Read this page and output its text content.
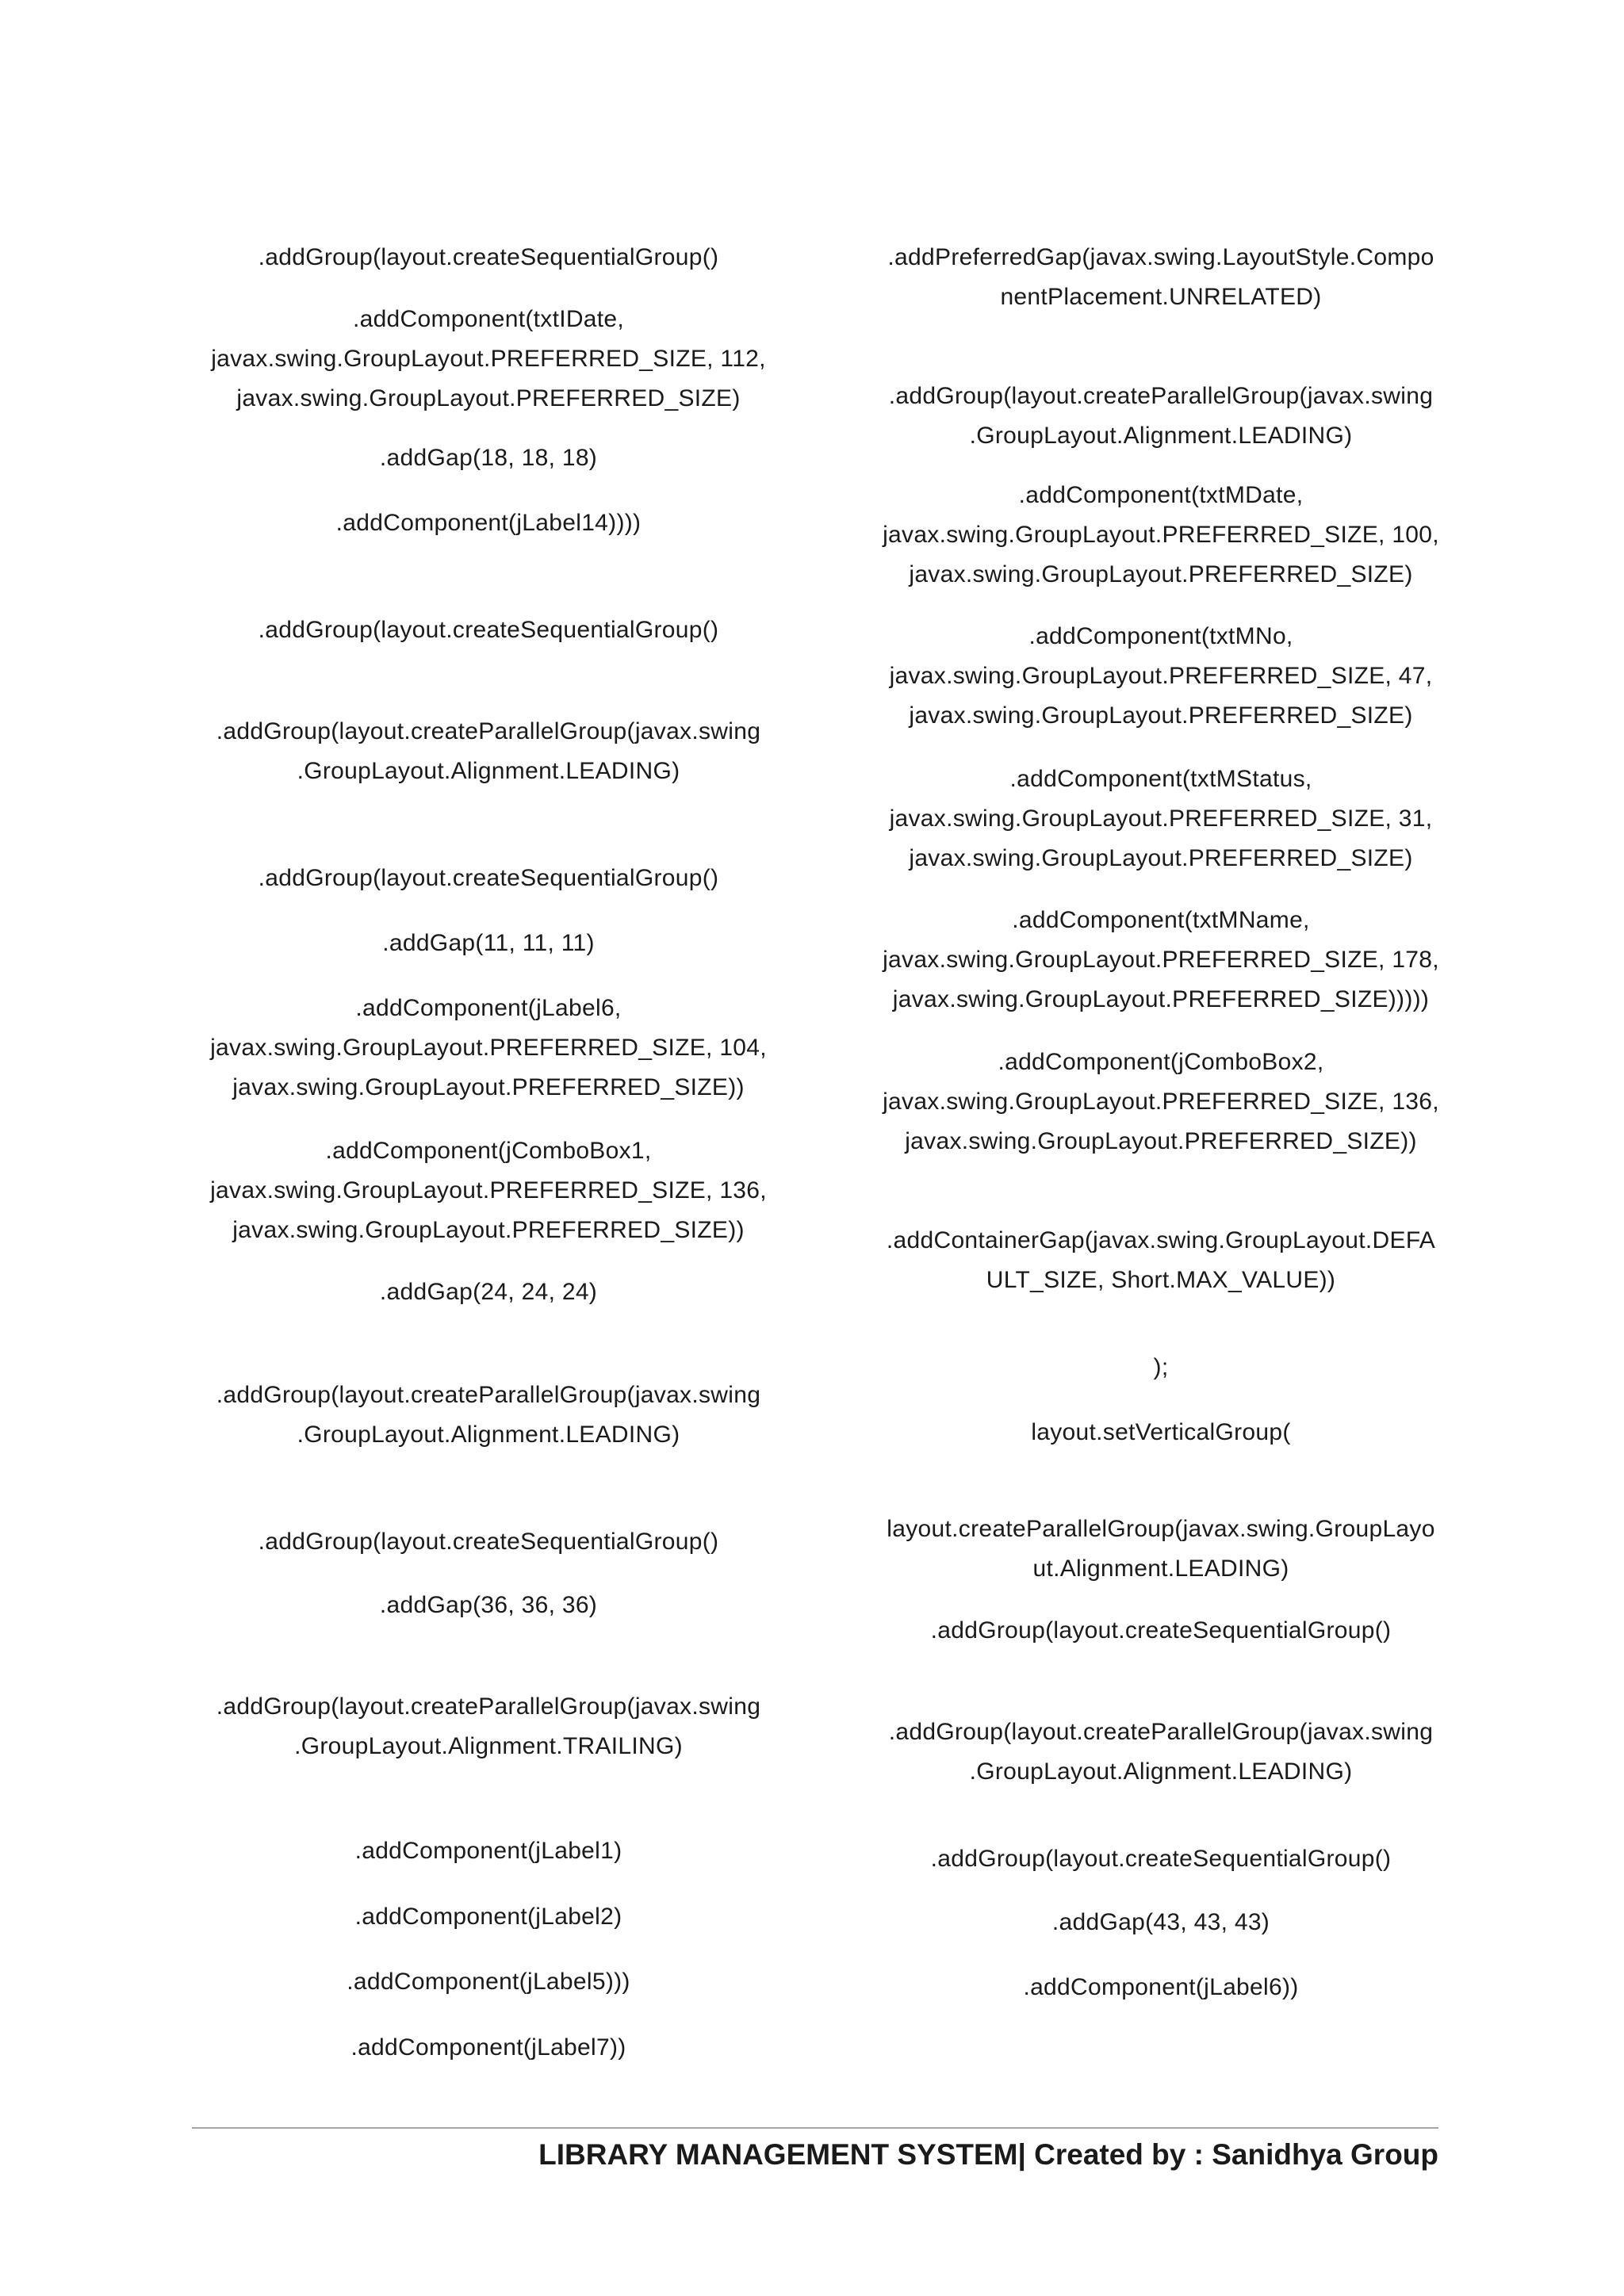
.addGroup(layout.createSequentialGroup()
.addComponent(txtIDate,
javax.swing.GroupLayout.PREFERRED_SIZE, 112,
javax.swing.GroupLayout.PREFERRED_SIZE)
.addGap(18, 18, 18)
.addComponent(jLabel14))))
.addGroup(layout.createSequentialGroup()
.addGroup(layout.createParallelGroup(javax.swing
.GroupLayout.Alignment.LEADING)
.addGroup(layout.createSequentialGroup()
.addGap(11, 11, 11)
.addComponent(jLabel6,
javax.swing.GroupLayout.PREFERRED_SIZE, 104,
javax.swing.GroupLayout.PREFERRED_SIZE))
.addComponent(jComboBox1,
javax.swing.GroupLayout.PREFERRED_SIZE, 136,
javax.swing.GroupLayout.PREFERRED_SIZE))
.addGap(24, 24, 24)
.addGroup(layout.createParallelGroup(javax.swing
.GroupLayout.Alignment.LEADING)
.addGroup(layout.createSequentialGroup()
.addGap(36, 36, 36)
.addGroup(layout.createParallelGroup(javax.swing
.GroupLayout.Alignment.TRAILING)
.addComponent(jLabel1)
.addComponent(jLabel2)
.addComponent(jLabel5)))
.addComponent(jLabel7))
.addPreferredGap(javax.swing.LayoutStyle.Compo
nentPlacement.UNRELATED)
.addGroup(layout.createParallelGroup(javax.swing
.GroupLayout.Alignment.LEADING)
.addComponent(txtMDate,
javax.swing.GroupLayout.PREFERRED_SIZE, 100,
javax.swing.GroupLayout.PREFERRED_SIZE)
.addComponent(txtMNo,
javax.swing.GroupLayout.PREFERRED_SIZE, 47,
javax.swing.GroupLayout.PREFERRED_SIZE)
.addComponent(txtMStatus,
javax.swing.GroupLayout.PREFERRED_SIZE, 31,
javax.swing.GroupLayout.PREFERRED_SIZE)
.addComponent(txtMName,
javax.swing.GroupLayout.PREFERRED_SIZE, 178,
javax.swing.GroupLayout.PREFERRED_SIZE)))))
.addComponent(jComboBox2,
javax.swing.GroupLayout.PREFERRED_SIZE, 136,
javax.swing.GroupLayout.PREFERRED_SIZE))
.addContainerGap(javax.swing.GroupLayout.DEFA
ULT_SIZE, Short.MAX_VALUE))
);
layout.setVerticalGroup(
layout.createParallelGroup(javax.swing.GroupLayo
ut.Alignment.LEADING)
.addGroup(layout.createSequentialGroup()
.addGroup(layout.createParallelGroup(javax.swing
.GroupLayout.Alignment.LEADING)
.addGroup(layout.createSequentialGroup()
.addGap(43, 43, 43)
.addComponent(jLabel6))
LIBRARY MANAGEMENT SYSTEM| Created by : Sanidhya Group
